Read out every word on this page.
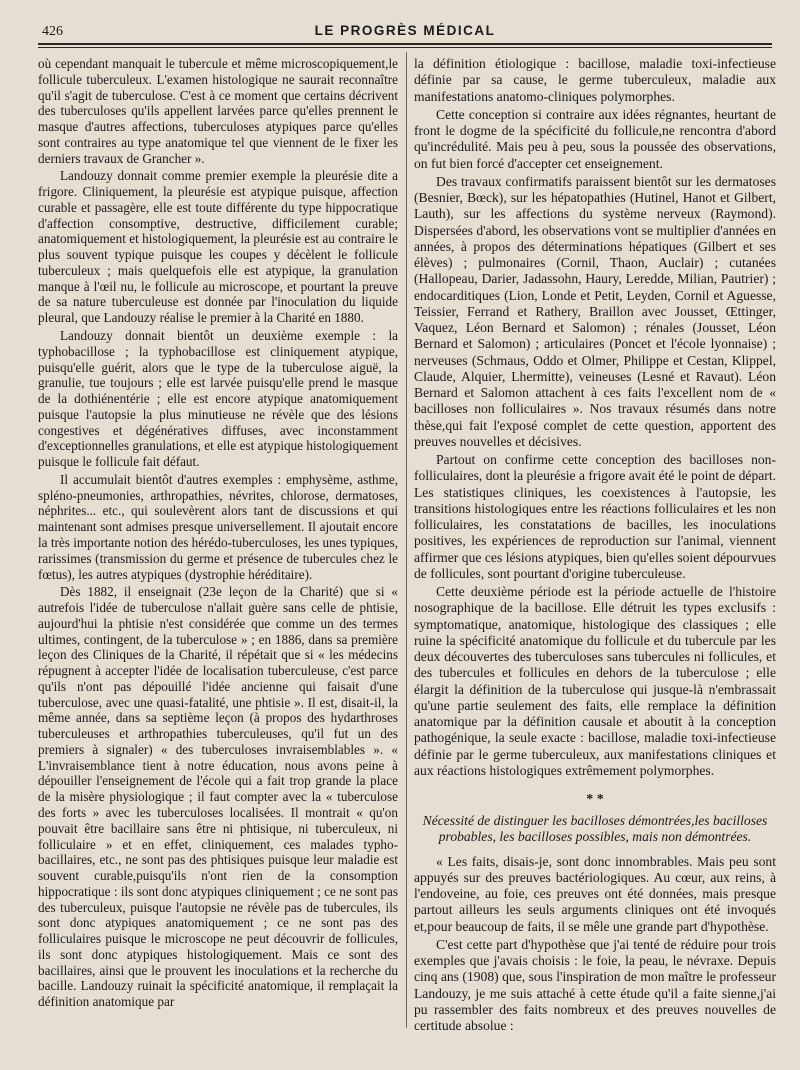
426	LE PROGRÈS MÉDICAL

où cependant manquait le tubercule et même microscopiquement,le follicule tuberculeux. L'examen histologique ne saurait reconnaître qu'il s'agit de tuberculose. C'est à ce moment que certains décrivent des tuberculoses qu'ils appellent larvées parce qu'elles prennent le masque d'autres affections, tuberculoses atypiques parce qu'elles sont contraires au type anatomique tel que viennent de le fixer les derniers travaux de Grancher ».

Landouzy donnait comme premier exemple la pleurésie dite a frigore. Cliniquement, la pleurésie est atypique puisque, affection curable et passagère, elle est toute différente du type hippocratique d'affection consomptive, destructive, difficilement curable; anatomiquement et histologiquement, la pleurésie est au contraire le plus souvent typique puisque les coupes y décèlent le follicule tuberculeux ; mais quelquefois elle est atypique, la granulation manque à l'œil nu, le follicule au microscope, et pourtant la preuve de sa nature tuberculeuse est donnée par l'inoculation du liquide pleural, que Landouzy réalise le premier à la Charité en 1880.

Landouzy donnait bientôt un deuxième exemple : la typhobacillose ; la typhobacillose est cliniquement atypique, puisqu'elle guérit, alors que le type de la tuberculose aiguë, la granulie, tue toujours ; elle est larvée puisqu'elle prend le masque de la dothiénentérie ; elle est encore atypique anatomiquement puisque l'autopsie la plus minutieuse ne révèle que des lésions congestives et dégénératives diffuses, avec inconstamment d'exceptionnelles granulations, et elle est atypique histologiquement puisque le follicule fait défaut.

Il accumulait bientôt d'autres exemples : emphysème, asthme, spléno-pneumonies, arthropathies, névrites, chlorose, dermatoses, néphrites... etc., qui soulevèrent alors tant de discussions et qui maintenant sont admises presque universellement. Il ajoutait encore la très importante notion des hérédo-tuberculoses, les unes typiques, rarissimes (transmission du germe et présence de tubercules chez le fœtus), les autres atypiques (dystrophie héréditaire).

Dès 1882, il enseignait (23e leçon de la Charité) que si « autrefois l'idée de tuberculose n'allait guère sans celle de phtisie, aujourd'hui la phtisie n'est considérée que comme un des termes ultimes, contingent, de la tuberculose » ; en 1886, dans sa première leçon des Cliniques de la Charité, il répétait que si « les médecins répugnent à accepter l'idée de localisation tuberculeuse, c'est parce qu'ils n'ont pas dépouillé l'idée ancienne qui faisait d'une tuberculose, avec une quasi-fatalité, une phtisie ». Il est, disait-il, la même année, dans sa septième leçon (à propos des hydarthroses tuberculeuses et arthropathies tuberculeuses, qu'il fut un des premiers à signaler) « des tuberculoses invraisemblables ». « L'invraisemblance tient à notre éducation, nous avons peine à dépouiller l'enseignement de l'école qui a fait trop grande la place de la misère physiologique ; il faut compter avec la « tuberculose des forts » avec les tuberculoses localisées. Il montrait « qu'on pouvait être bacillaire sans être ni phtisique, ni tuberculeux, ni folliculaire » et en effet, cliniquement, ces malades typho-bacillaires, etc., ne sont pas des phtisiques puisque leur maladie est souvent curable,puisqu'ils n'ont rien de la consomption hippocratique : ils sont donc atypiques cliniquement ; ce ne sont pas des tuberculeux, puisque l'autopsie ne révèle pas de tubercules, ils sont donc atypiques anatomiquement ; ce ne sont pas des folliculaires puisque le microscope ne peut découvrir de follicules, ils sont donc atypiques histologiquement. Mais ce sont des bacillaires, ainsi que le prouvent les inoculations et la recherche du bacille. Landouzy ruinait la spécificité anatomique, il remplaçait la définition anatomique par

la définition étiologique : bacillose, maladie toxi-infectieuse définie par sa cause, le germe tuberculeux, maladie aux manifestations anatomo-cliniques polymorphes.

Cette conception si contraire aux idées régnantes, heurtant de front le dogme de la spécificité du follicule,ne rencontra d'abord qu'incrédulité. Mais peu à peu, sous la poussée des observations, on fut bien forcé d'accepter cet enseignement.

Des travaux confirmatifs paraissent bientôt sur les dermatoses (Besnier, Bœck), sur les hépatopathies (Hutinel, Hanot et Gilbert, Lauth), sur les affections du système nerveux (Raymond). Dispersées d'abord, les observations vont se multiplier d'années en années, à propos des déterminations hépatiques (Gilbert et ses élèves) ; pulmonaires (Cornil, Thaon, Auclair) ; cutanées (Hallopeau, Darier, Jadassohn, Haury, Leredde, Milian, Pautrier) ; endocarditiques (Lion, Londe et Petit, Leyden, Cornil et Aguesse, Teissier, Ferrand et Rathery, Braillon avec Jousset, Œttinger, Vaquez, Léon Bernard et Salomon) ; rénales (Jousset, Léon Bernard et Salomon) ; articulaires (Poncet et l'école lyonnaise) ; nerveuses (Schmaus, Oddo et Olmer, Philippe et Cestan, Klippel, Claude, Alquier, Lhermitte), veineuses (Lesné et Ravaut). Léon Bernard et Salomon attachent à ces faits l'excellent nom de « bacilloses non folliculaires ». Nos travaux résumés dans notre thèse,qui fait l'exposé complet de cette question, apportent des preuves nouvelles et décisives.

Partout on confirme cette conception des bacilloses non-folliculaires, dont la pleurésie a frigore avait été le point de départ. Les statistiques cliniques, les coexistences à l'autopsie, les transitions histologiques entre les réactions folliculaires et les non folliculaires, les constatations de bacilles, les inoculations positives, les expériences de reproduction sur l'animal, viennent affirmer que ces lésions atypiques, bien qu'elles soient dépourvues de follicules, sont pourtant d'origine tuberculeuse.

Cette deuxième période est la période actuelle de l'histoire nosographique de la bacillose. Elle détruit les types exclusifs : symptomatique, anatomique, histologique des classiques ; elle ruine la spécificité anatomique du follicule et du tubercule par les deux découvertes des tuberculoses sans tubercules ni follicules, et des tubercules et follicules en dehors de la tuberculose ; elle élargit la définition de la tuberculose qui jusque-là n'embrassait qu'une partie seulement des faits, elle remplace la définition anatomique par la définition causale et aboutit à la conception pathogénique, la seule exacte : bacillose, maladie toxi-infectieuse définie par le germe tuberculeux, aux manifestations cliniques et aux réactions histologiques extrêmement polymorphes.

* *

Nécessité de distinguer les bacilloses démontrées,les bacilloses probables, les bacilloses possibles, mais non démontrées.

« Les faits, disais-je, sont donc innombrables. Mais peu sont appuyés sur des preuves bactériologiques. Au cœur, aux reins, à l'endoveine, au foie, ces preuves ont été données, mais presque partout ailleurs les seuls arguments cliniques ont été invoqués et,pour beaucoup de faits, il se mêle une grande part d'hypothèse.

C'est cette part d'hypothèse que j'ai tenté de réduire pour trois exemples que j'avais choisis : le foie, la peau, le névraxe. Depuis cinq ans (1908) que, sous l'inspiration de mon maître le professeur Landouzy, je me suis attaché à cette étude qu'il a faite sienne,j'ai pu rassembler des faits nombreux et des preuves nouvelles de certitude absolue :
